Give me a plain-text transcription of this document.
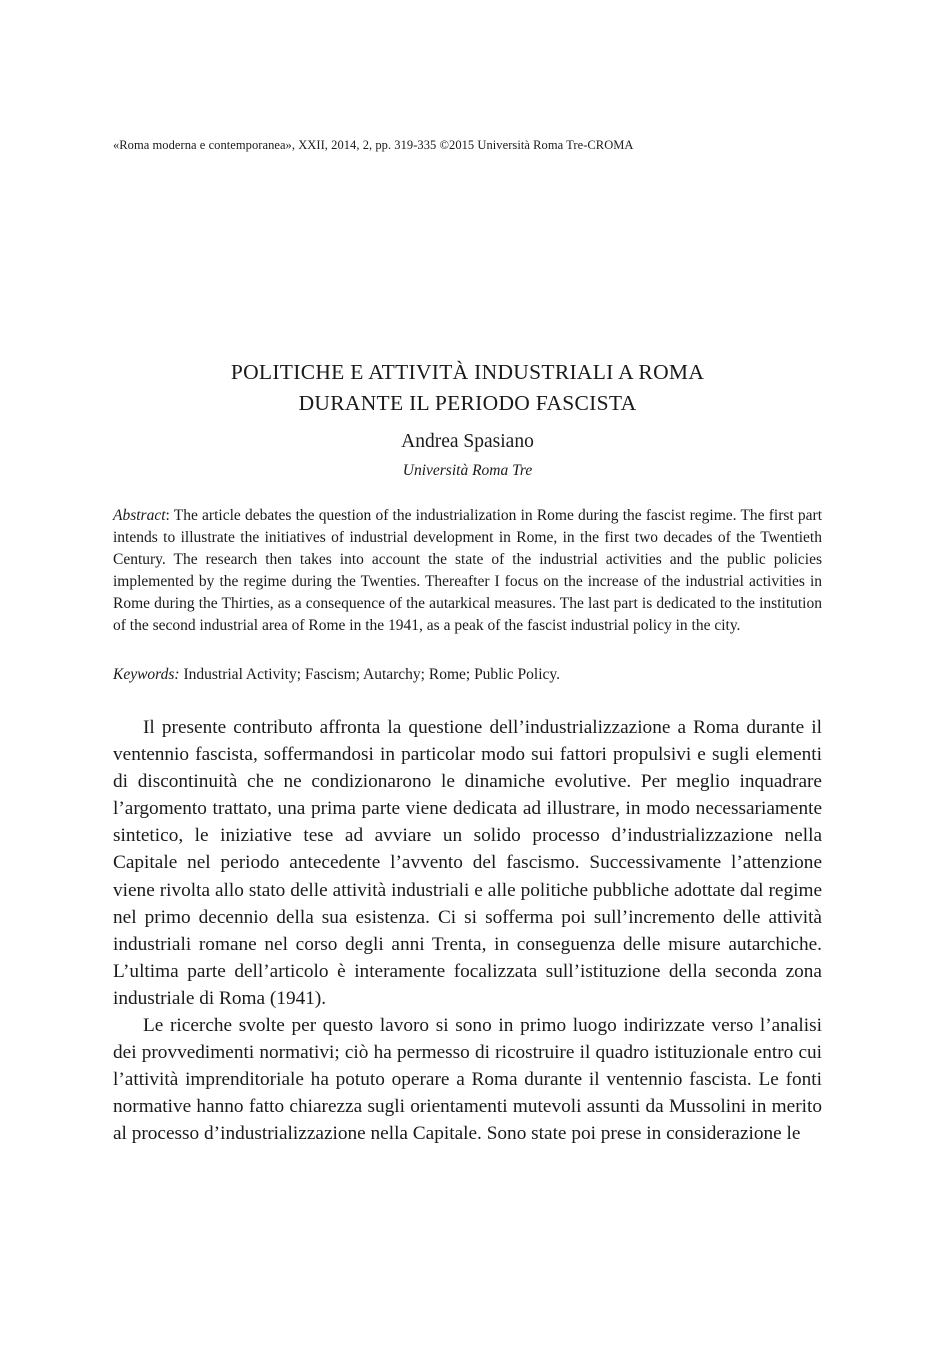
«Roma moderna e contemporanea», XXII, 2014, 2, pp. 319-335 ©2015 Università Roma Tre-CROMA
POLITICHE E ATTIVITÀ INDUSTRIALI A ROMA
DURANTE IL PERIODO FASCISTA
Andrea Spasiano
Università Roma Tre
Abstract: The article debates the question of the industrialization in Rome during the fascist regime. The first part intends to illustrate the initiatives of industrial development in Rome, in the first two decades of the Twentieth Century. The research then takes into account the state of the industrial activities and the public policies implemented by the regime during the Twenties. Thereafter I focus on the increase of the industrial activities in Rome during the Thirties, as a consequence of the autarkical measures. The last part is dedicated to the institution of the second industrial area of Rome in the 1941, as a peak of the fascist industrial policy in the city.
Keywords: Industrial Activity; Fascism; Autarchy; Rome; Public Policy.

Il presente contributo affronta la questione dell’industrializzazione a Roma durante il ventennio fascista, soffermandosi in particolar modo sui fattori propulsivi e sugli elementi di discontinuità che ne condizionarono le dinamiche evolutive. Per meglio inquadrare l’argomento trattato, una prima parte viene dedicata ad illustrare, in modo necessariamente sintetico, le iniziative tese ad avviare un solido processo d’industrializzazione nella Capitale nel periodo antecedente l’avvento del fascismo. Successivamente l’attenzione viene rivolta allo stato delle attività industriali e alle politiche pubbliche adottate dal regime nel primo decennio della sua esistenza. Ci si sofferma poi sull’incremento delle attività industriali romane nel corso degli anni Trenta, in conseguenza delle misure autarchiche. L’ultima parte dell’articolo è interamente focalizzata sull’istituzione della seconda zona industriale di Roma (1941).

Le ricerche svolte per questo lavoro si sono in primo luogo indirizzate verso l’analisi dei provvedimenti normativi; ciò ha permesso di ricostruire il quadro istituzionale entro cui l’attività imprenditoriale ha potuto operare a Roma durante il ventennio fascista. Le fonti normative hanno fatto chiarezza sugli orientamenti mutevoli assunti da Mussolini in merito al processo d’industrializzazione nella Capitale. Sono state poi prese in considerazione le
